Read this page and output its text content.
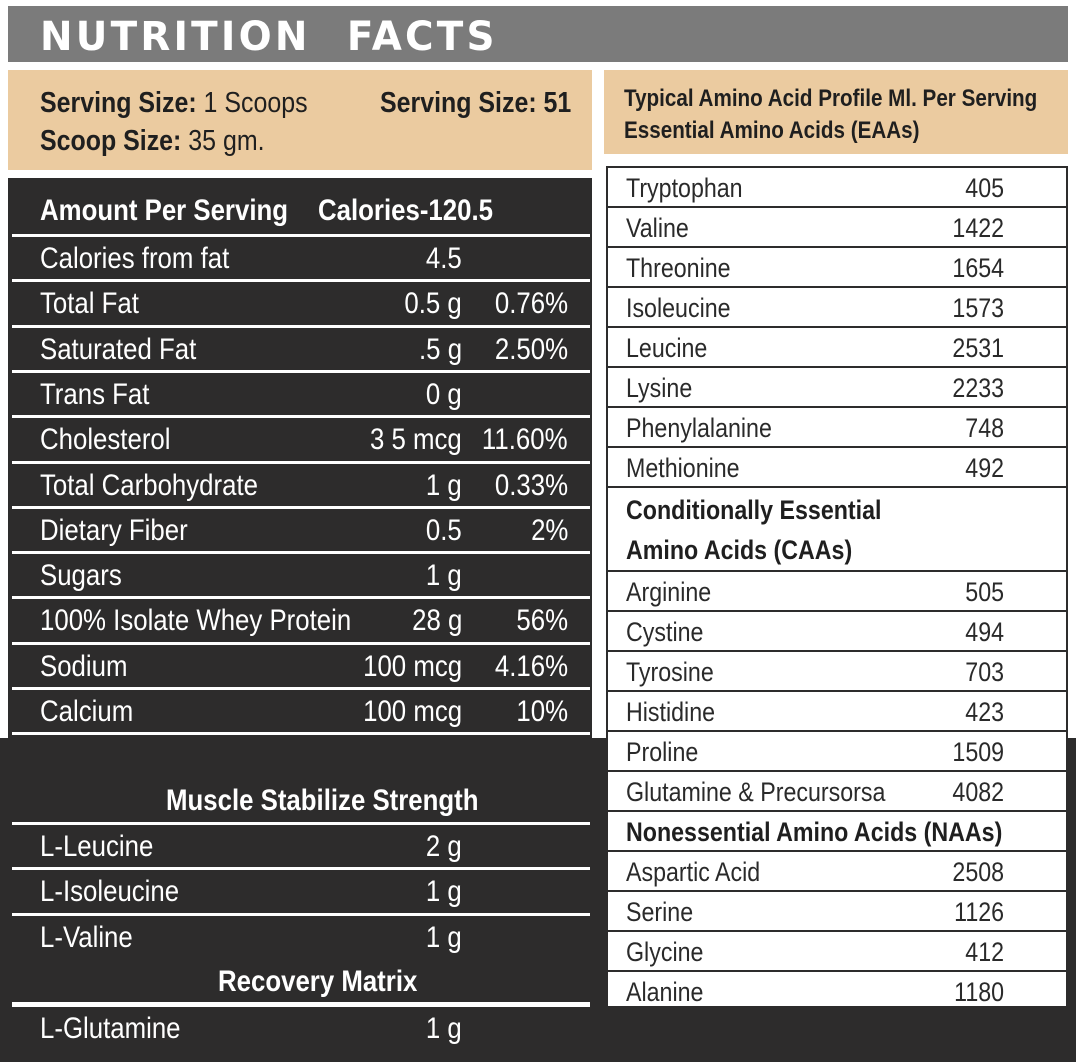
NUTRITION FACTS
Serving Size: 1 Scoops	Serving Size: 51
Scoop Size: 35 gm.
Typical Amino Acid Profile Ml. Per Serving
Essential Amino Acids (EAAs)
Amount Per Serving Calories-120.5
Calories from fat	4.5
Total Fat	0.5 g	0.76%
Saturated Fat	.5 g	2.50%
Trans Fat	0 g
Cholesterol	3 5 mcg 11.60%
Total Carbohydrate	1 g	0.33%
Dietary Fiber	0.5 2%
Sugars	1 g
100% Isolate Whey Protein	28 g 56%
Sodium	100 mcg	4.16%
Calcium	100 mcg 10%
Muscle Stabilize Strength
L-Leucine	2 g
L-Isoleucine	1 g
L-Valine	1 g
Recovery Matrix
L-Glutamine	1 g
Tryptophan	405
Valine	1422
Threonine	1654
Isoleucine	1573
Leucine	2531
Lysine	2233
Phenylalanine	748
Methionine	492
Conditionally Essential
Amino Acids (CAAs)
Arginine	505
Cystine	494
Tyrosine	703
Histidine	423
Proline	1509
Glutamine & Precursorsa	4082
Nonessential Amino Acids (NAAs)
Aspartic Acid	2508
Serine	1126
Glycine	412
Alanine	1180
